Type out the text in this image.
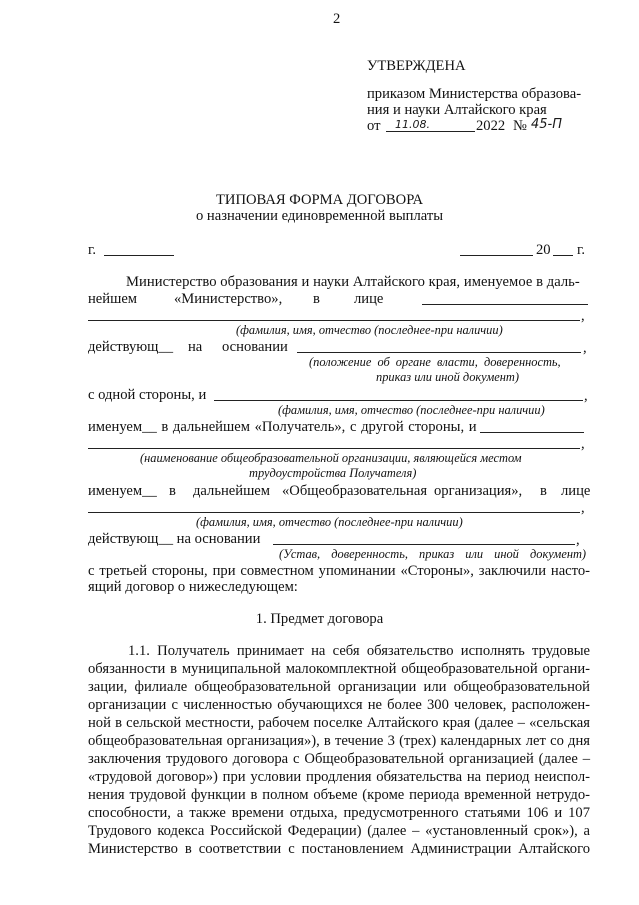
2
УТВЕРЖДЕНА
приказом Министерства образова-
ния и науки Алтайского края
от 11.08.	2022 № 45-П
ТИПОВАЯ ФОРМА ДОГОВОРА
о назначении единовременной выплаты
г.	20 г.
Министерство образования и науки Алтайского края, именуемое в даль-
нейшем	«Министерство», в лице
,
(фамилия, имя, отчество (последнее-при наличии)
действующ__ на основании	,
(положение об органе власти, доверенность,
приказ или иной документ)
с одной стороны, и	,
(фамилия, имя, отчество (последнее-при наличии)
именуем__ в дальнейшем «Получатель», с другой стороны, и
,
(наименование общеобразовательной организации, являющейся местом
трудоустройства Получателя)
именуем__ в дальнейшем «Общеобразовательная организация», в лице
,
(фамилия, имя, отчество (последнее-при наличии)
действующ__ на основании	,
(Устав, доверенность, приказ или иной документ)
с третьей стороны, при совместном упоминании «Стороны», заключили насто-
ящий договор о нижеследующем:
1. Предмет договора
1.1. Получатель принимает на себя обязательство исполнять трудовые
обязанности в муниципальной малокомплектной общеобразовательной органи-
зации, филиале общеобразовательной организации или общеобразовательной
организации с численностью обучающихся не более 300 человек, расположен-
ной в сельской местности, рабочем поселке Алтайского края (далее – «сельская
общеобразовательная организация»), в течение 3 (трех) календарных лет со дня
заключения трудового договора с Общеобразовательной организацией (далее –
«трудовой договор») при условии продления обязательства на период неиспол-
нения трудовой функции в полном объеме (кроме периода временной нетрудо-
способности, а также времени отдыха, предусмотренного статьями 106 и 107
Трудового кодекса Российской Федерации) (далее – «установленный срок»), а
Министерство в соответствии с постановлением Администрации Алтайского
